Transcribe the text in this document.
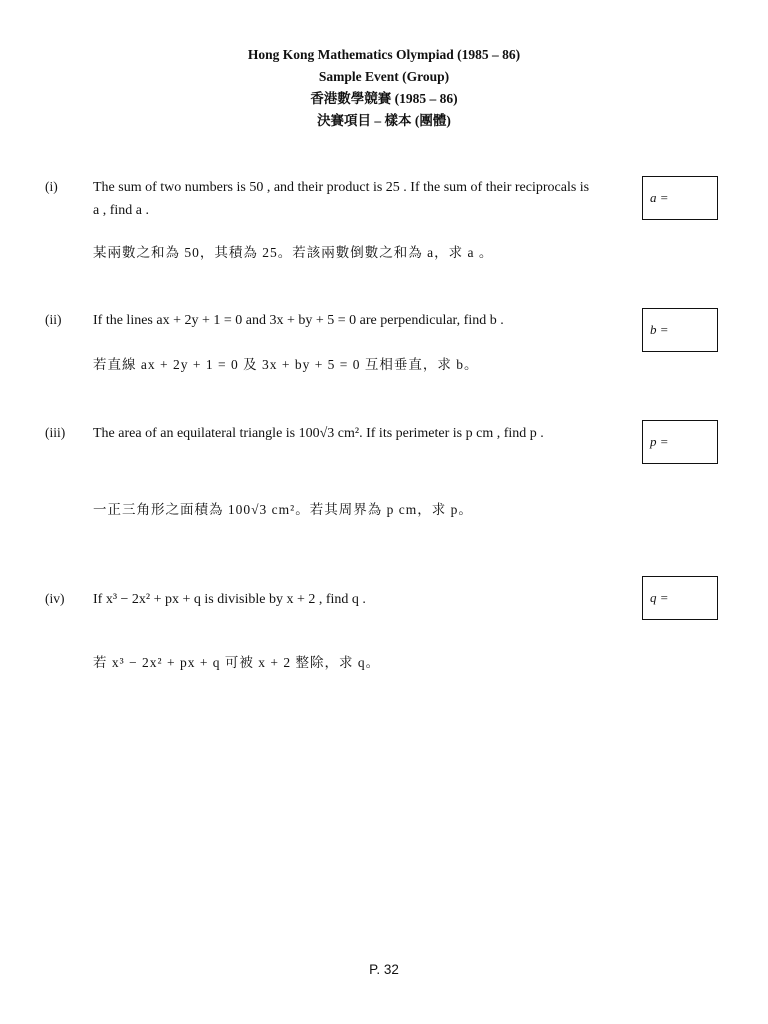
Hong Kong Mathematics Olympiad (1985 – 86)
Sample Event (Group)
香港數學競賽 (1985 – 86)
決賽項目 – 樣本 (團體)
(i)	The sum of two numbers is 50 , and their product is 25 . If the sum of their reciprocals is a , find a .
某兩數之和為 50，其積為 25。若該兩數倒數之和為 a，求 a 。
a =
(ii) If the lines ax + 2y + 1 = 0 and 3x + by + 5 = 0 are perpendicular, find b .
若直線 ax + 2y + 1 = 0 及 3x + by + 5 = 0 互相垂直，求 b。
b =
(iii) The area of an equilateral triangle is 100√3 cm². If its perimeter is p cm , find p .
一正三角形之面積為 100√3 cm²。若其周界為 p cm，求 p。
p =
(iv) If x³ − 2x² + px + q is divisible by x + 2 , find q .
若 x³ − 2x² + px + q 可被 x + 2 整除，求 q。
q =
P. 32
